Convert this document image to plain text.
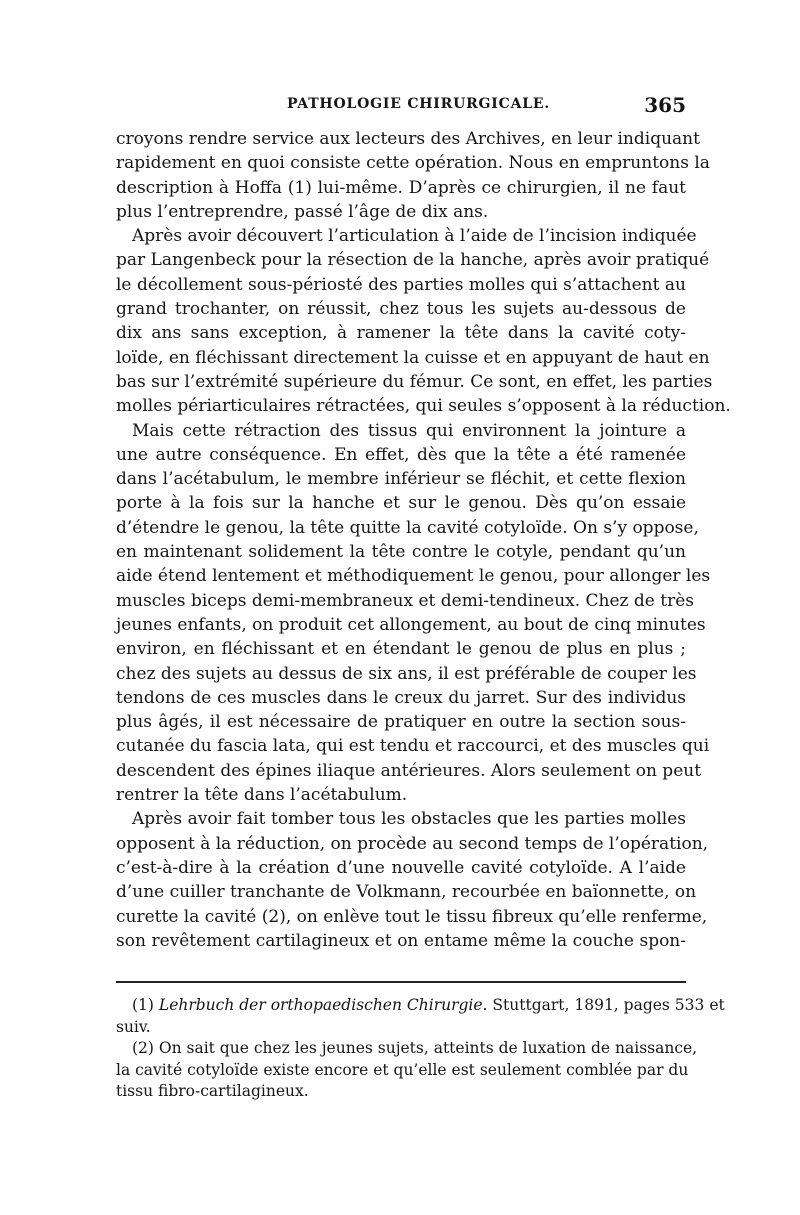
PATHOLOGIE CHIRURGICALE.	365
croyons rendre service aux lecteurs des Archives, en leur indiquant
rapidement en quoi consiste cette opération. Nous en empruntons la
description à Hoffa (1) lui-même. D’après ce chirurgien, il ne faut
plus l’entreprendre, passé l’âge de dix ans.
Après avoir découvert l’articulation à l’aide de l’incision indiquée
par Langenbeck pour la résection de la hanche, après avoir pratiqué
le décollement sous-périosté des parties molles qui s’attachent au
grand trochanter, on réussit, chez tous les sujets au-dessous de
dix ans sans exception, à ramener la tête dans la cavité coty-
loïde, en fléchissant directement la cuisse et en appuyant de haut en
bas sur l’extrémité supérieure du fémur. Ce sont, en effet, les parties
molles périarticulaires rétractées, qui seules s’opposent à la réduction.
Mais cette rétraction des tissus qui environnent la jointure a
une autre conséquence. En effet, dès que la tête a été ramenée
dans l’acétabulum, le membre inférieur se fléchit, et cette flexion
porte à la fois sur la hanche et sur le genou. Dès qu’on essaie
d’étendre le genou, la tête quitte la cavité cotyloïde. On s’y oppose,
en maintenant solidement la tête contre le cotyle, pendant qu’un
aide étend lentement et méthodiquement le genou, pour allonger les
muscles biceps demi-membraneux et demi-tendineux. Chez de très
jeunes enfants, on produit cet allongement, au bout de cinq minutes
environ, en fléchissant et en étendant le genou de plus en plus ;
chez des sujets au dessus de six ans, il est préférable de couper les
tendons de ces muscles dans le creux du jarret. Sur des individus
plus âgés, il est nécessaire de pratiquer en outre la section sous-
cutanée du fascia lata, qui est tendu et raccourci, et des muscles qui
descendent des épines iliaque antérieures. Alors seulement on peut
rentrer la tête dans l’acétabulum.
Après avoir fait tomber tous les obstacles que les parties molles
opposent à la réduction, on procède au second temps de l’opération,
c’est-à-dire à la création d’une nouvelle cavité cotyloïde. A l’aide
d’une cuiller tranchante de Volkmann, recourbée en baïonnette, on
curette la cavité (2), on enlève tout le tissu fibreux qu’elle renferme,
son revêtement cartilagineux et on entame même la couche spon-
(1) Lehrbuch der orthopaedischen Chirurgie. Stuttgart, 1891, pages 533 et
suiv.
(2) On sait que chez les jeunes sujets, atteints de luxation de naissance,
la cavité cotyloïde existe encore et qu’elle est seulement comblée par du
tissu fibro-cartilagineux.
